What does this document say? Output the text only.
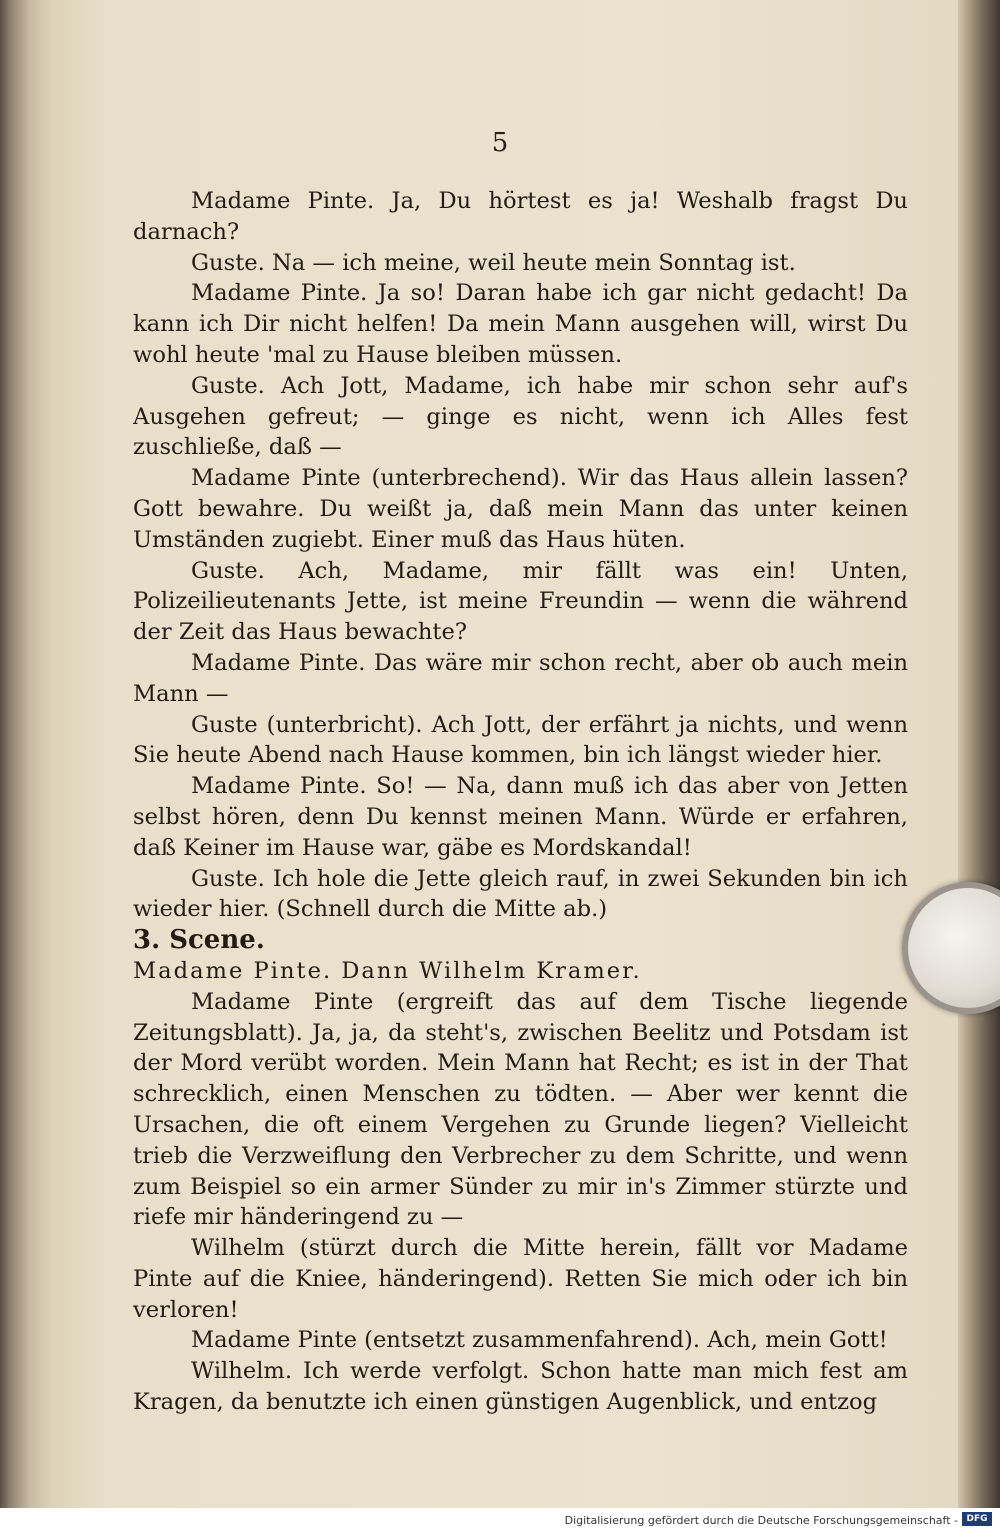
5

Madame Pinte. Ja, Du hörtest es ja! Weshalb fragst Du darnach?

Guste. Na — ich meine, weil heute mein Sonntag ist.

Madame Pinte. Ja so! Daran habe ich gar nicht gedacht! Da kann ich Dir nicht helfen! Da mein Mann ausgehen will, wirst Du wohl heute 'mal zu Hause bleiben müssen.

Guste. Ach Jott, Madame, ich habe mir schon sehr auf's Ausgehen gefreut; — ginge es nicht, wenn ich Alles fest zuschließe, daß —

Madame Pinte (unterbrechend). Wir das Haus allein lassen? Gott bewahre. Du weißt ja, daß mein Mann das unter keinen Umständen zugiebt. Einer muß das Haus hüten.

Guste. Ach, Madame, mir fällt was ein! Unten, Polizeilieutenants Jette, ist meine Freundin — wenn die während der Zeit das Haus bewachte?

Madame Pinte. Das wäre mir schon recht, aber ob auch mein Mann —

Guste (unterbricht). Ach Jott, der erfährt ja nichts, und wenn Sie heute Abend nach Hause kommen, bin ich längst wieder hier.

Madame Pinte. So! — Na, dann muß ich das aber von Jetten selbst hören, denn Du kennst meinen Mann. Würde er erfahren, daß Keiner im Hause war, gäbe es Mordskandal!

Guste. Ich hole die Jette gleich rauf, in zwei Sekunden bin ich wieder hier. (Schnell durch die Mitte ab.)

3. Scene.

Madame Pinte. Dann Wilhelm Kramer.

Madame Pinte (ergreift das auf dem Tische liegende Zeitungsblatt). Ja, ja, da steht's, zwischen Beelitz und Potsdam ist der Mord verübt worden. Mein Mann hat Recht; es ist in der That schrecklich, einen Menschen zu tödten. — Aber wer kennt die Ursachen, die oft einem Vergehen zu Grunde liegen? Vielleicht trieb die Verzweiflung den Verbrecher zu dem Schritte, und wenn zum Beispiel so ein armer Sünder zu mir in's Zimmer stürzte und riefe mir händeringend zu —

Wilhelm (stürzt durch die Mitte herein, fällt vor Madame Pinte auf die Kniee, händeringend). Retten Sie mich oder ich bin verloren!

Madame Pinte (entsetzt zusammenfahrend). Ach, mein Gott!

Wilhelm. Ich werde verfolgt. Schon hatte man mich fest am Kragen, da benutzte ich einen günstigen Augenblick, und entzog

Digitalisierung gefördert durch die Deutsche Forschungsgemeinschaft - DFG
